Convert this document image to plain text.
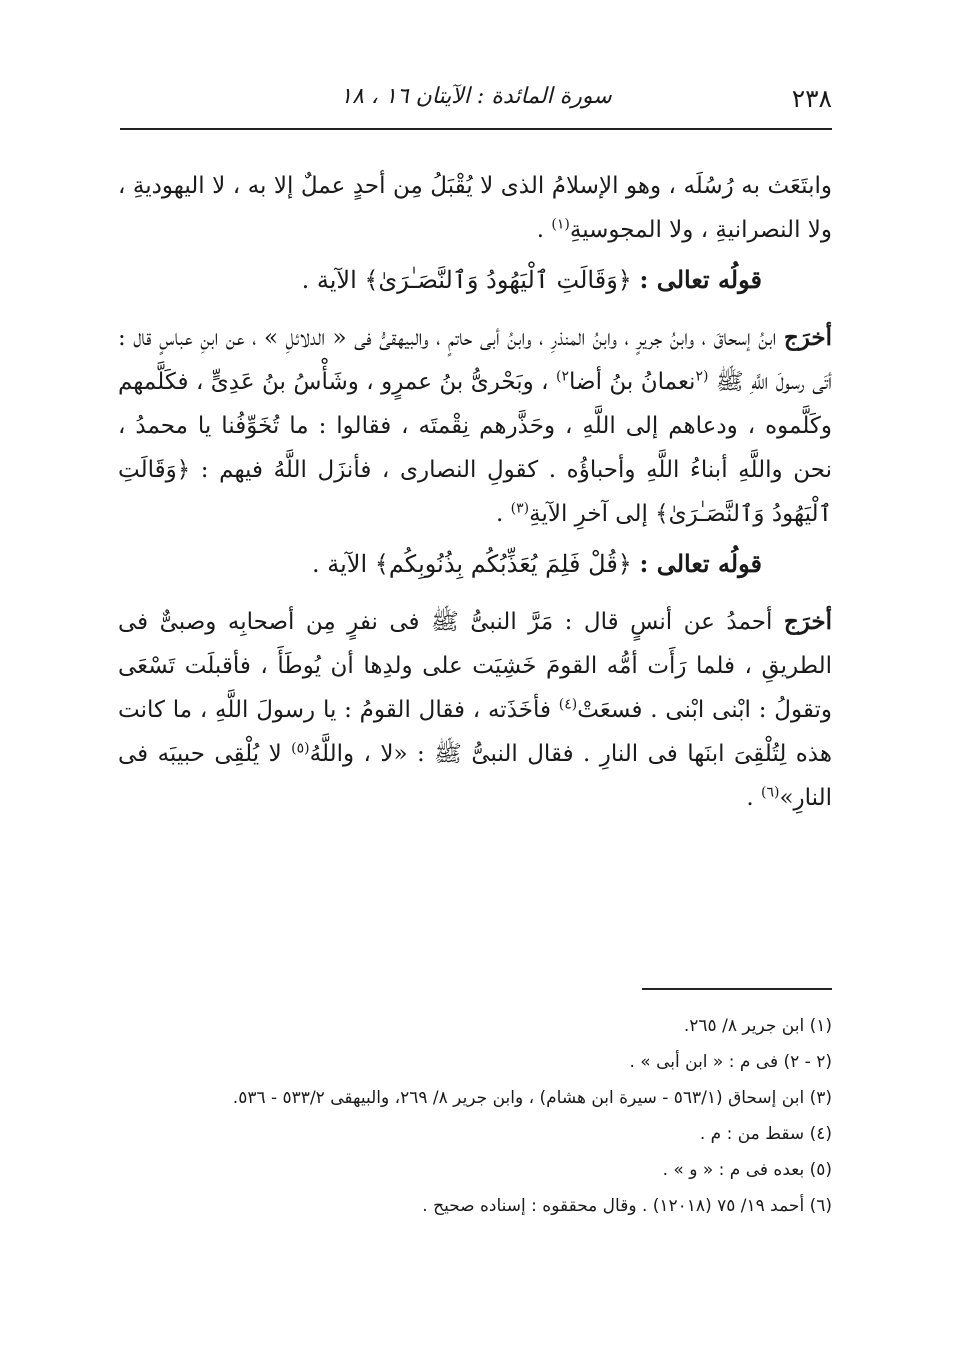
٢٣٨
سورة المائدة : الآيتان ١٦ ، ١٨

وابتَعَث به رُسُلَه ، وهو الإسلامُ الذى لا يُقْبَلُ مِن أحدٍ عملٌ إلا به ، لا اليهوديةِ ، ولا النصرانيةِ ، ولا المجوسيةِ$^{(١)}$ .

قولُه تعالى : ﴿وَقَالَتِ ٱلْيَهُودُ وَٱلنَّصَـٰرَىٰ﴾ الآية .

أخرَج ابنُ إسحاقَ ، وابنُ جريرٍ ، وابنُ المنذرِ ، وابنُ أبى حاتمٍ ، والبيهقىُّ فى « الدلائلِ » ، عن ابنِ عباسٍ قال : أتَى رسولَ اللَّهِ ﷺ $^{(٢}$نعمانُ بنُ أضا$^{٢)}$ ، وبَحْرىُّ بنُ عمرٍو ، وشَأْسُ بنُ عَدِىٍّ ، فكَلَّمهم وكَلَّموه ، ودعاهم إلى اللَّهِ ، وحَذَّرهم نِقْمتَه ، فقالوا : ما تُخَوِّفُنا يا محمدُ ، نحن واللَّهِ أبناءُ اللَّهِ وأحباؤُه . كقولِ النصارى ، فأنزَل اللَّهُ فيهم : ﴿وَقَالَتِ ٱلْيَهُودُ وَٱلنَّصَـٰرَىٰ﴾ إلى آخرِ الآيةِ$^{(٣)}$ .

قولُه تعالى : ﴿قُلْ فَلِمَ يُعَذِّبُكُم بِذُنُوبِكُم﴾ الآية .

أخرَج أحمدُ عن أنسٍ قال : مَرَّ النبىُّ ﷺ فى نفرٍ مِن أصحابِه وصبىٌّ فى الطريقِ ، فلما رَأَت أمُّه القومَ خَشِيَت على ولدِها أن يُوطَأَ ، فأقبلَت تَسْعَى وتقولُ : ابْنى ابْنى . فسعَتْ$^{(٤)}$ فأخَذَته ، فقال القومُ : يا رسولَ اللَّهِ ، ما كانت هذه لِتُلْقِىَ ابنَها فى النارِ . فقال النبىُّ ﷺ : «لا ، واللَّهُ$^{(٥)}$ لا يُلْقِى حبيبَه فى النارِ»$^{(٦)}$ .

(١) ابن جرير ٨/ ٢٦٥.

(٢ - ٢) فى م : « ابن أبى » .

(٣) ابن إسحاق (٥٦٣/١ - سيرة ابن هشام) ، وابن جرير ٨/ ٢٦٩، والبيهقى ٥٣٣/٢ - ٥٣٦.

(٤) سقط من : م .

(٥) بعده فى م : « و » .

(٦) أحمد ١٩/ ٧٥ (١٢٠١٨) . وقال محققوه : إسناده صحيح .
